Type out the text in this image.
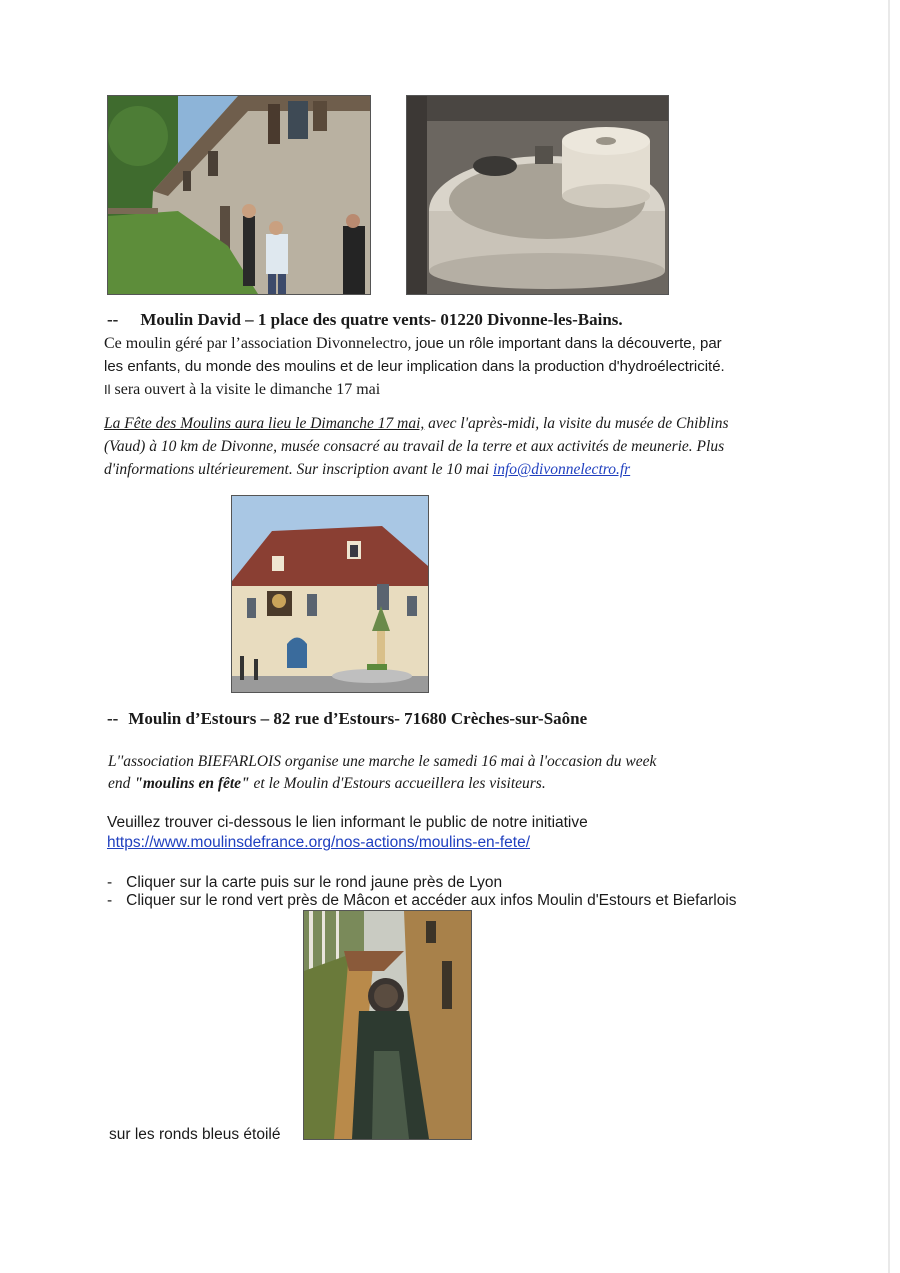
-- Moulin David – 1 place des quatre vents- 01220 Divonne-les-Bains.
Ce moulin géré par l’association Divonnelectro, joue un rôle important dans la découverte, par
les enfants, du monde des moulins et de leur implication dans la production d'hydroélectricité.
Il sera ouvert à la visite le dimanche 17 mai
La Fête des Moulins aura lieu le Dimanche 17 mai, avec l'après-midi, la visite du musée de Chiblins
(Vaud) à 10 km de Divonne, musée consacré au travail de la terre et aux activités de meunerie. Plus
d'informations ultérieurement. Sur inscription avant le 10 mai info@divonnelectro.fr
-- Moulin d’Estours – 82 rue d’Estours- 71680 Crèches-sur-Saône
L''association BIEFARLOIS organise une marche le samedi 16 mai à l'occasion du week
end "moulins en fête" et le Moulin d'Estours accueillera les visiteurs.
Veuillez trouver ci-dessous le lien informant le public de notre initiative
https://www.moulinsdefrance.org/nos-actions/moulins-en-fete/
- Cliquer sur la carte puis sur le rond jaune près de Lyon
- Cliquer sur le rond vert près de Mâcon et accéder aux infos Moulin d'Estours et Biefarlois
sur les ronds bleus étoilé
